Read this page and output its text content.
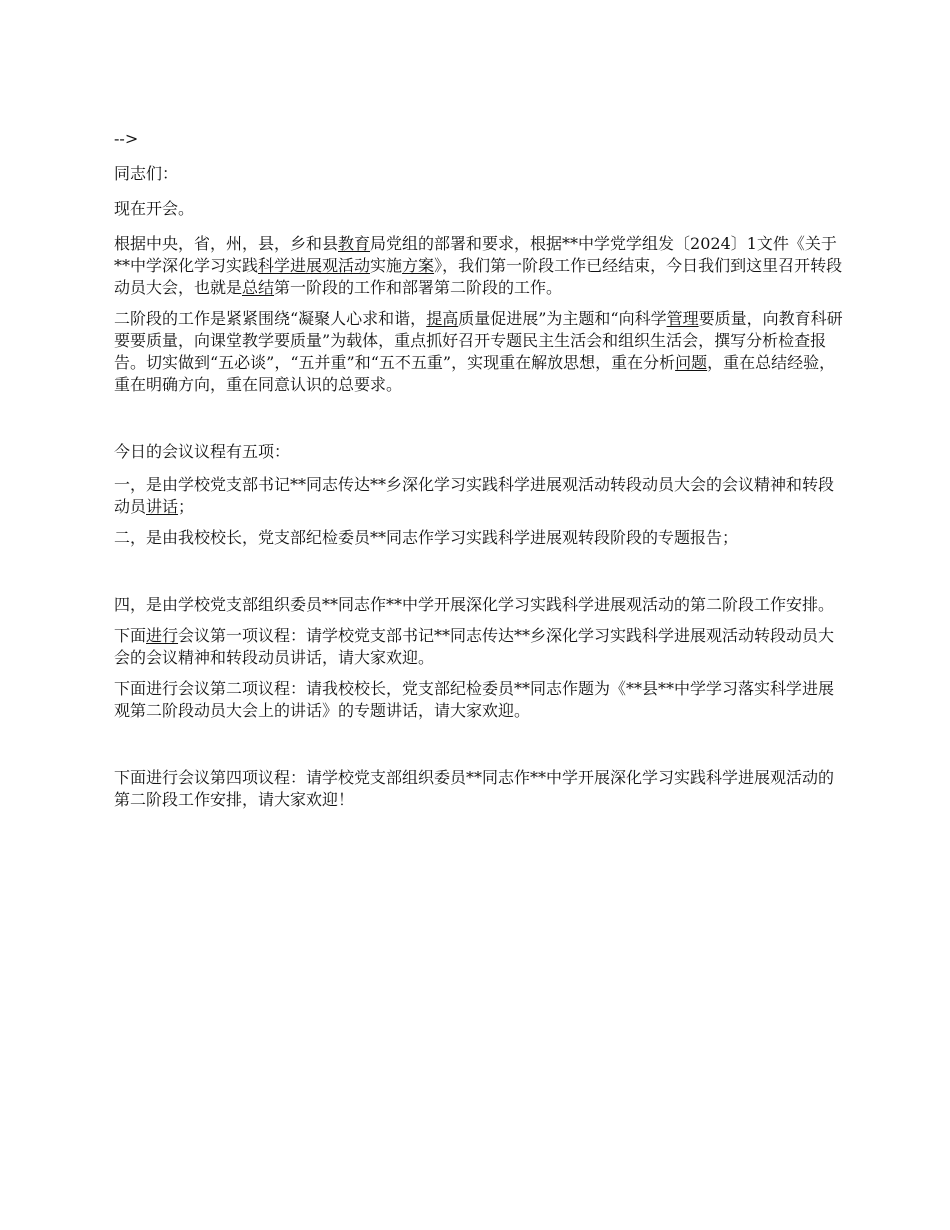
-->

同志们：

现在开会。

根据中央，省，州，县，乡和县教育局党组的部署和要求，根据**中学党学组发〔2024〕1文件《关于**中学深化学习实践科学进展观活动实施方案》，我们第一阶段工作已经结束，今日我们到这里召开转段动员大会，也就是总结第一阶段的工作和部署第二阶段的工作。

二阶段的工作是紧紧围绕“凝聚人心求和谐，提高质量促进展”为主题和“向科学管理要质量，向教育科研要要质量，向课堂教学要质量”为载体，重点抓好召开专题民主生活会和组织生活会，撰写分析检查报告。切实做到“五必谈”，“五并重”和“五不五重”，实现重在解放思想，重在分析问题，重在总结经验，重在明确方向，重在同意认识的总要求。

今日的会议议程有五项：

一，是由学校党支部书记**同志传达**乡深化学习实践科学进展观活动转段动员大会的会议精神和转段动员讲话；

二，是由我校校长，党支部纪检委员**同志作学习实践科学进展观转段阶段的专题报告；

四，是由学校党支部组织委员**同志作**中学开展深化学习实践科学进展观活动的第二阶段工作安排。

下面进行会议第一项议程：请学校党支部书记**同志传达**乡深化学习实践科学进展观活动转段动员大会的会议精神和转段动员讲话，请大家欢迎。

下面进行会议第二项议程：请我校校长，党支部纪检委员**同志作题为《**县**中学学习落实科学进展观第二阶段动员大会上的讲话》的专题讲话，请大家欢迎。

下面进行会议第四项议程：请学校党支部组织委员**同志作**中学开展深化学习实践科学进展观活动的第二阶段工作安排，请大家欢迎！
